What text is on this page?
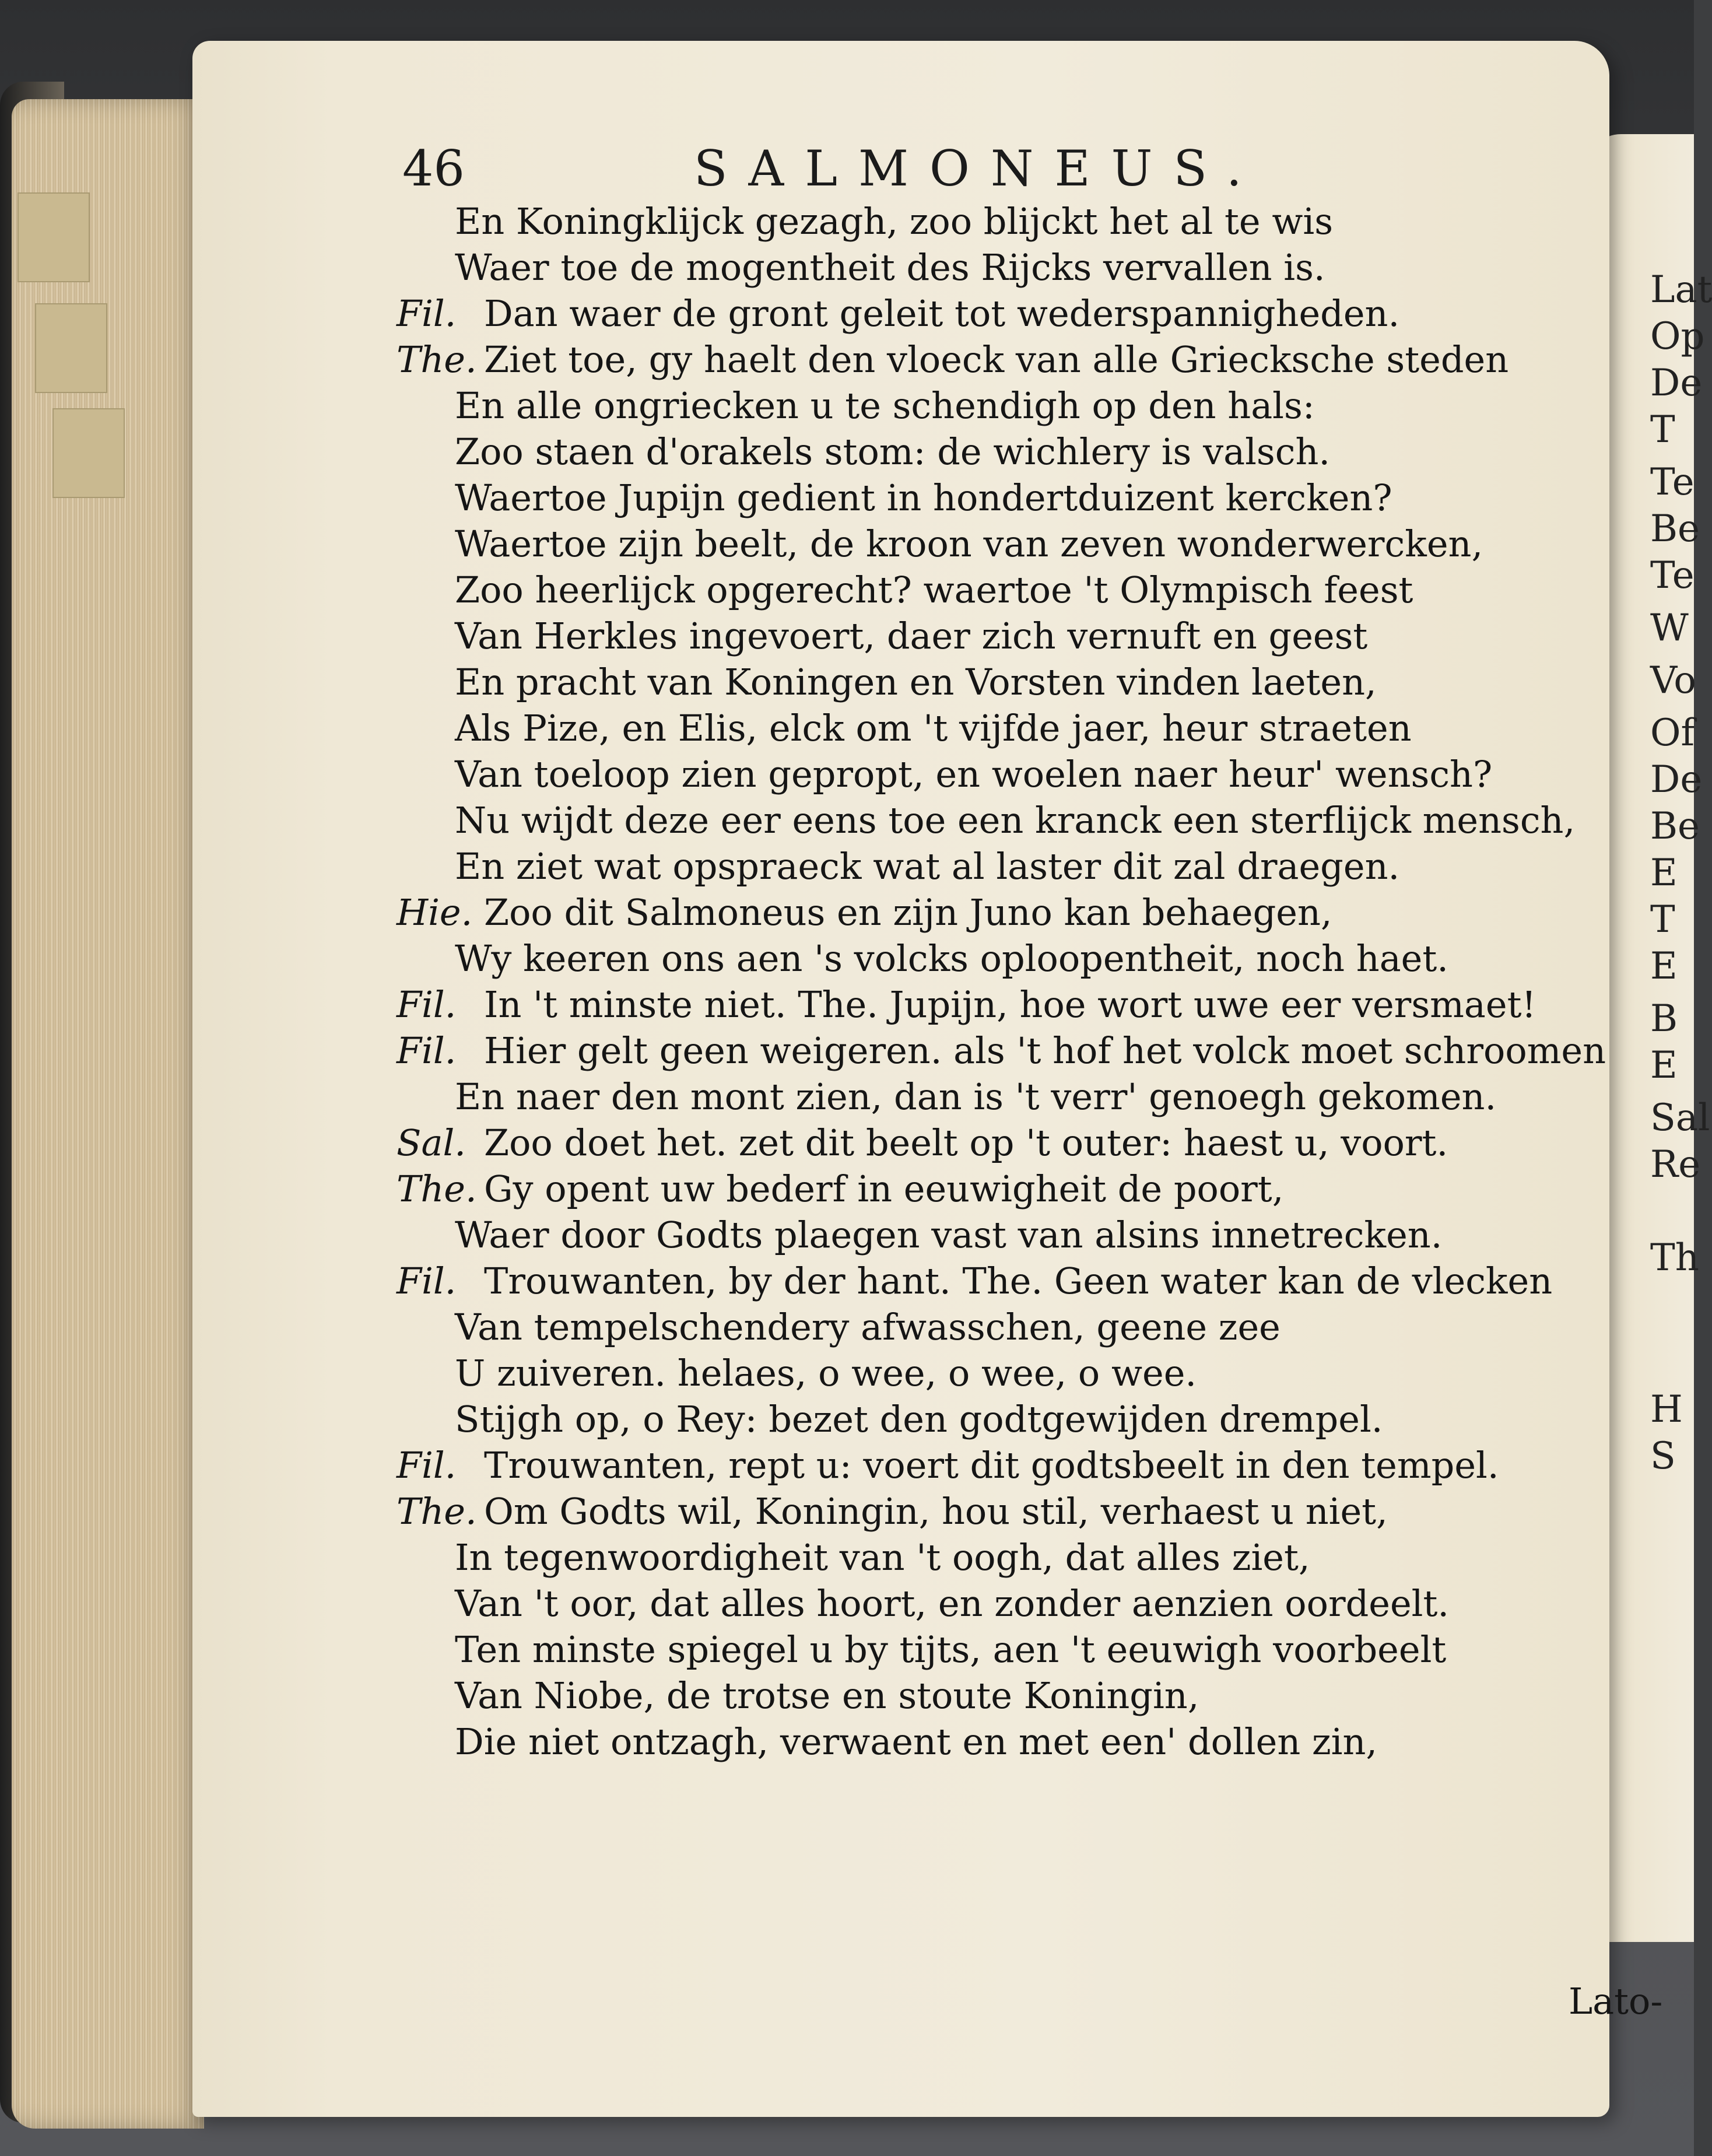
Lat
Op
De
T
Te
Be
Te
W
Vo
Of
De
Be
E
T
E
B
E
Sal
Re
Th
H
S
46	SALMONEUS.
En Koningklijck gezagh, zoo blijckt het al te wis
Waer toe de mogentheit des Rijcks vervallen is.
Fil. Dan waer de gront geleit tot wederspannigheden.
The. Ziet toe, gy haelt den vloeck van alle Griecksche steden
En alle ongriecken u te schendigh op den hals:
Zoo staen d'orakels stom: de wichlery is valsch.
Waertoe Jupijn gedient in hondertduizent kercken?
Waertoe zijn beelt, de kroon van zeven wonderwercken,
Zoo heerlijck opgerecht? waertoe 't Olympisch feest
Van Herkles ingevoert, daer zich vernuft en geest
En pracht van Koningen en Vorsten vinden laeten,
Als Pize, en Elis, elck om 't vijfde jaer, heur straeten
Van toeloop zien gepropt, en woelen naer heur' wensch?
Nu wijdt deze eer eens toe een kranck een sterflijck mensch,
En ziet wat opspraeck wat al laster dit zal draegen.
Hie. Zoo dit Salmoneus en zijn Juno kan behaegen,
Wy keeren ons aen 's volcks oploopentheit, noch haet.
Fil. In 't minste niet. The. Jupijn, hoe wort uwe eer versmaet!
Fil. Hier gelt geen weigeren. als 't hof het volck moet schroomen
En naer den mont zien, dan is 't verr' genoegh gekomen.
Sal. Zoo doet het. zet dit beelt op 't outer: haest u, voort.
The. Gy opent uw bederf in eeuwigheit de poort,
Waer door Godts plaegen vast van alsins innetrecken.
Fil. Trouwanten, by der hant. The. Geen water kan de vlecken
Van tempelschendery afwasschen, geene zee
U zuiveren. helaes, o wee, o wee, o wee.
Stijgh op, o Rey: bezet den godtgewijden drempel.
Fil. Trouwanten, rept u: voert dit godtsbeelt in den tempel.
The. Om Godts wil, Koningin, hou stil, verhaest u niet,
In tegenwoordigheit van 't oogh, dat alles ziet,
Van 't oor, dat alles hoort, en zonder aenzien oordeelt.
Ten minste spiegel u by tijts, aen 't eeuwigh voorbeelt
Van Niobe, de trotse en stoute Koningin,
Die niet ontzagh, verwaent en met een' dollen zin,
Lato-
